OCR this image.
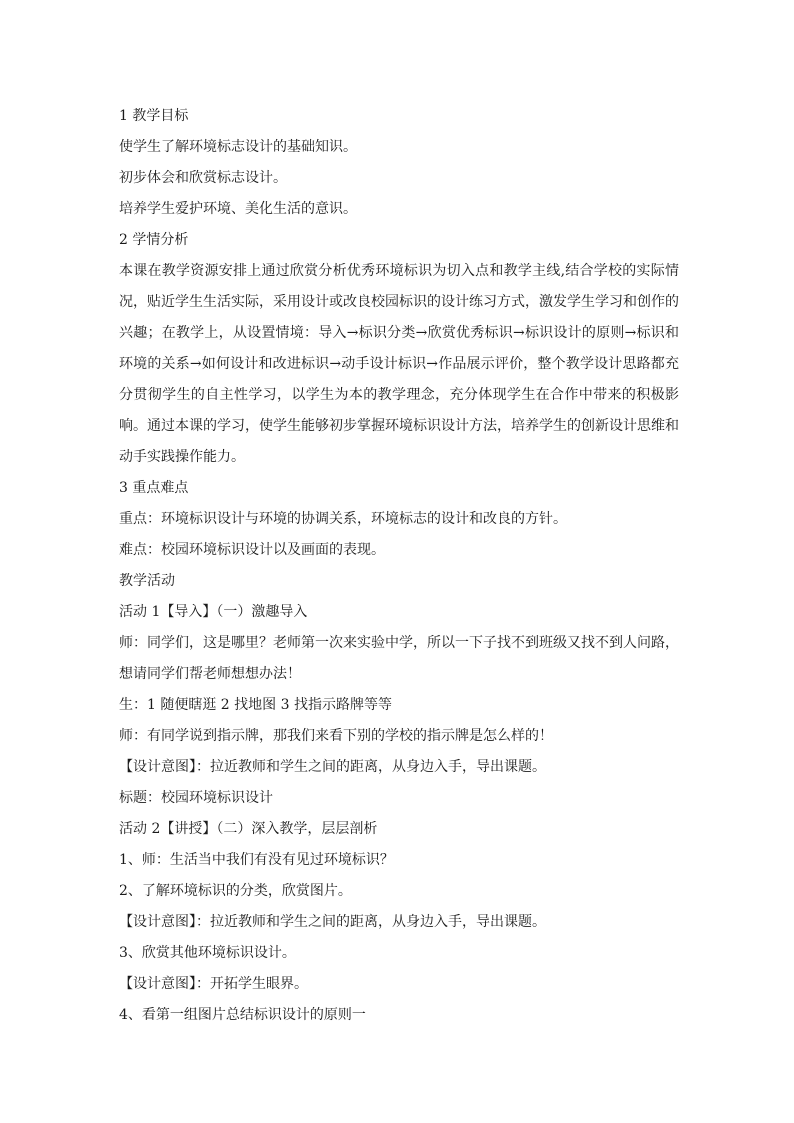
1 教学目标

使学生了解环境标志设计的基础知识。

初步体会和欣赏标志设计。

培养学生爱护环境、美化生活的意识。

2 学情分析

本课在教学资源安排上通过欣赏分析优秀环境标识为切入点和教学主线,结合学校的实际情况，贴近学生生活实际，采用设计或改良校园标识的设计练习方式，激发学生学习和创作的兴趣；在教学上，从设置情境：导入→标识分类→欣赏优秀标识→标识设计的原则→标识和环境的关系→如何设计和改进标识→动手设计标识→作品展示评价，整个教学设计思路都充分贯彻学生的自主性学习，以学生为本的教学理念，充分体现学生在合作中带来的积极影响。通过本课的学习，使学生能够初步掌握环境标识设计方法，培养学生的创新设计思维和动手实践操作能力。

3 重点难点

重点：环境标识设计与环境的协调关系，环境标志的设计和改良的方针。

难点：校园环境标识设计以及画面的表现。

教学活动

活动 1【导入】（一）激趣导入

师：同学们，这是哪里？老师第一次来实验中学，所以一下子找不到班级又找不到人问路，想请同学们帮老师想想办法！

生：1 随便瞎逛 2 找地图 3 找指示路牌等等

师：有同学说到指示牌，那我们来看下别的学校的指示牌是怎么样的！

【设计意图】：拉近教师和学生之间的距离，从身边入手，导出课题。

标题：校园环境标识设计

活动 2【讲授】（二）深入教学，层层剖析

1、师：生活当中我们有没有见过环境标识？

2、了解环境标识的分类，欣赏图片。

【设计意图】：拉近教师和学生之间的距离，从身边入手，导出课题。

3、欣赏其他环境标识设计。

【设计意图】：开拓学生眼界。

4、看第一组图片总结标识设计的原则一
